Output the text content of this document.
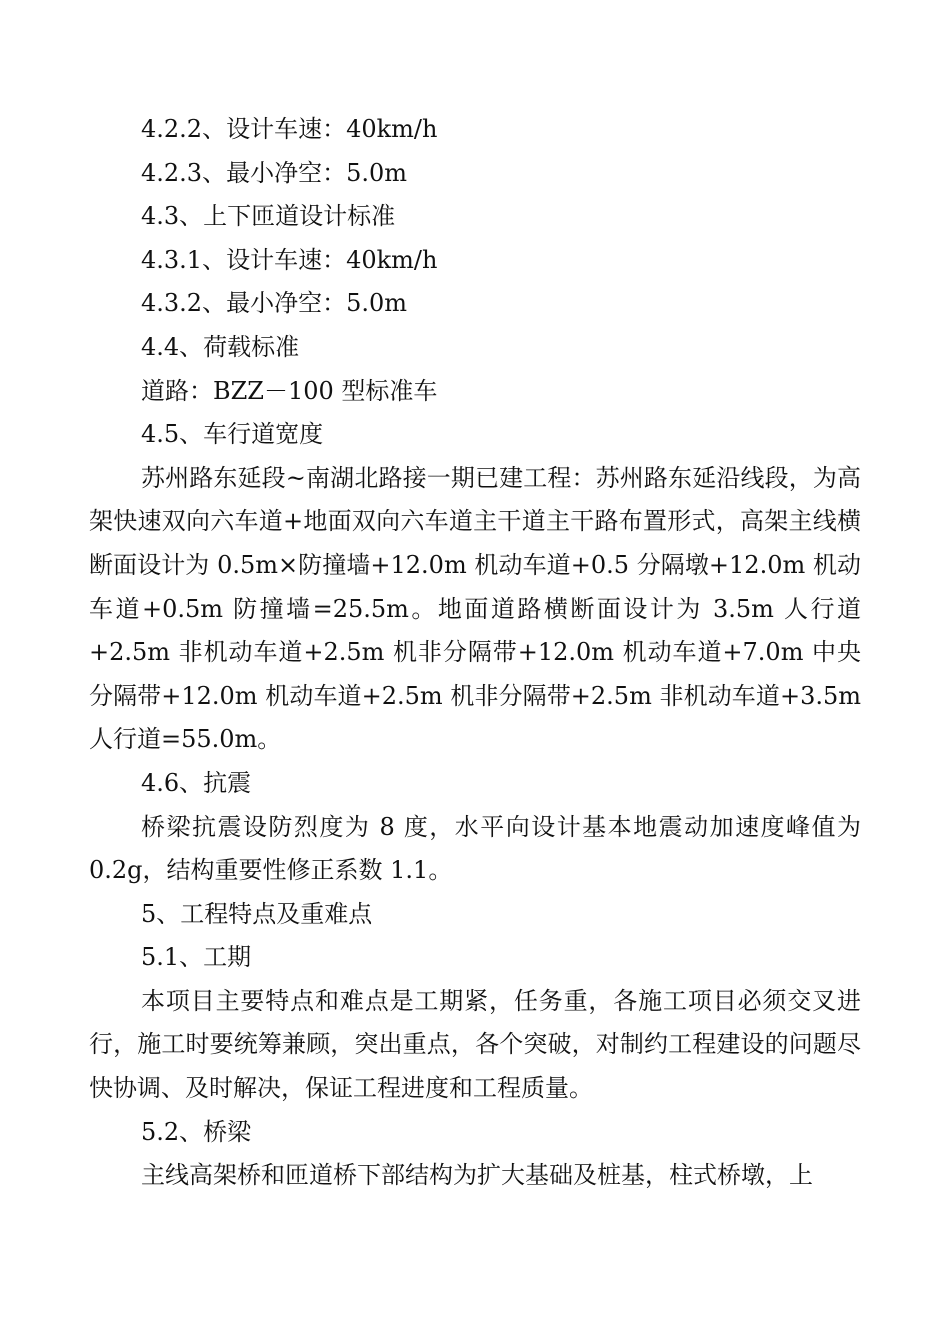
4.2.2、设计车速：40km/h

4.2.3、最小净空：5.0m

4.3、上下匝道设计标准

4.3.1、设计车速：40km/h

4.3.2、最小净空：5.0m

4.4、荷载标准

道路：BZZ－100 型标准车

4.5、车行道宽度

苏州路东延段~南湖北路接一期已建工程：苏州路东延沿线段，为高架快速双向六车道+地面双向六车道主干道主干路布置形式，高架主线横断面设计为 0.5m×防撞墙+12.0m 机动车道+0.5 分隔墩+12.0m 机动车道+0.5m 防撞墙=25.5m。地面道路横断面设计为 3.5m 人行道+2.5m 非机动车道+2.5m 机非分隔带+12.0m 机动车道+7.0m 中央分隔带+12.0m 机动车道+2.5m 机非分隔带+2.5m 非机动车道+3.5m 人行道=55.0m。

4.6、抗震

桥梁抗震设防烈度为 8 度，水平向设计基本地震动加速度峰值为 0.2g，结构重要性修正系数 1.1。

5、工程特点及重难点

5.1、工期

本项目主要特点和难点是工期紧，任务重，各施工项目必须交叉进行，施工时要统筹兼顾，突出重点，各个突破，对制约工程建设的问题尽快协调、及时解决，保证工程进度和工程质量。

5.2、桥梁

主线高架桥和匝道桥下部结构为扩大基础及桩基，柱式桥墩，上
